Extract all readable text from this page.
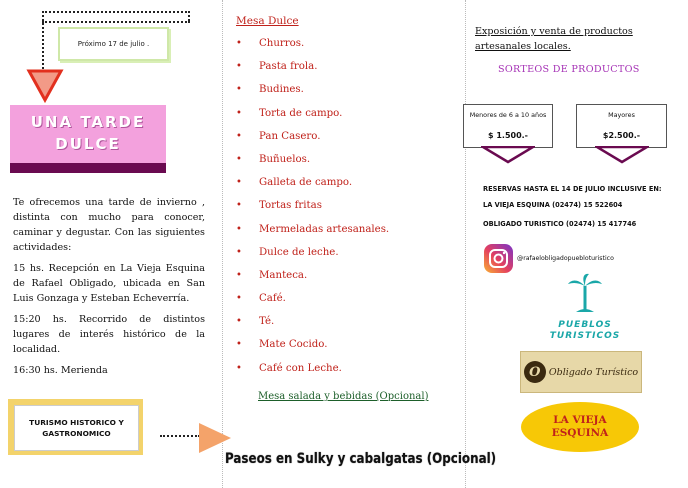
Próximo 17 de julio .
UNA TARDE
DULCE

Te ofrecemos una tarde de invierno , distinta con mucho para conocer, caminar y degustar. Con las siguientes actividades:

15 hs. Recepción en La Vieja Esquina de Rafael Obligado, ubicada en San Luis Gonzaga y Esteban Echeverría.

15:20 hs. Recorrido de distintos lugares de interés histórico de la localidad.

16:30 hs. Merienda

TURISMO HISTORICO Y
GASTRONOMICO
Mesa Dulce
•	Churros.
•	Pasta frola.
•	Budines.
•	Torta de campo.
•	Pan Casero.
•	Buñuelos.
•	Galleta de campo.
•	Tortas fritas
•	Mermeladas artesanales.
•	Dulce de leche.
•	Manteca.
•	Café.
•	Té.
•	Mate Cocido.
•	Café con Leche.
Mesa salada y bebidas (Opcional)
Paseos en Sulky y cabalgatas (Opcional)
Exposición y venta de productos artesanales locales.
SORTEOS DE PRODUCTOS
Menores de 6 a 10 años
$ 1.500.-
Mayores
$2.500.-
RESERVAS HASTA EL 14 DE JULIO INCLUSIVE EN:
LA VIEJA ESQUINA (02474) 15 522604
OBLIGADO TURISTICO (02474) 15 417746
@rafaelobligadopuebloturistico
PUEBLOS
TURISTICOS
O Obligado Turístico
LA VIEJA
ESQUINA
